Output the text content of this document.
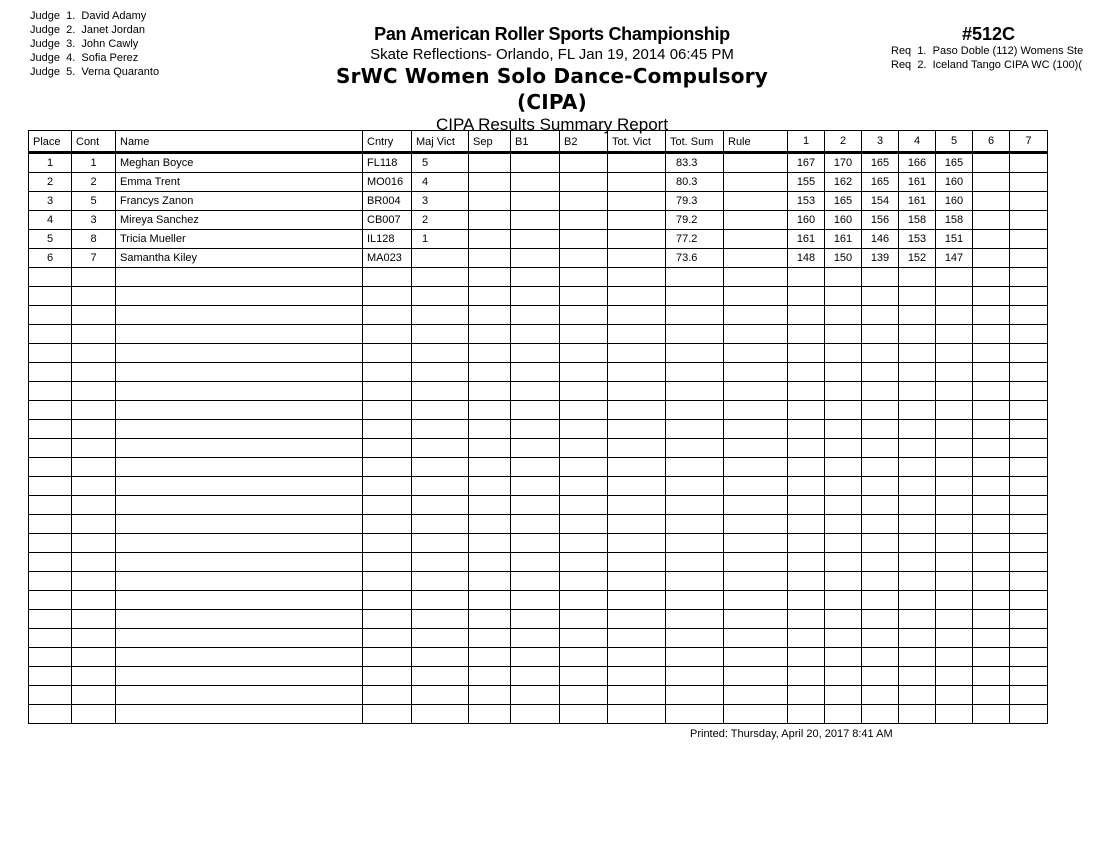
Judge 1. David Adamy
Judge 2. Janet Jordan
Judge 3. John Cawly
Judge 4. Sofia Perez
Judge 5. Verna Quaranto
Pan American Roller Sports Championship
Skate Reflections- Orlando, FL Jan 19, 2014 06:45 PM
SrWC Women Solo Dance-Compulsory (CIPA)
CIPA Results Summary Report
#512C
Req 1. Paso Doble (112) Womens Ste
Req 2. Iceland Tango CIPA WC (100)(
Place	Cont	Name	Cntry	Maj Vict	Sep	B1	B2	Tot. Vict	Tot. Sum	Rule	1	2	3	4	5	6	7
1	1	Meghan Boyce	FL118	5					83.3		167	170	165	166	165		
2	2	Emma Trent	MO016	4					80.3		155	162	165	161	160		
3	5	Francys Zanon	BR004	3					79.3		153	165	154	161	160		
4	3	Mireya Sanchez	CB007	2					79.2		160	160	156	158	158		
5	8	Tricia Mueller	IL128	1					77.2		161	161	146	153	151		
6	7	Samantha Kiley	MA023						73.6		148	150	139	152	147		

Printed: Thursday, April 20, 2017 8:41 AM
